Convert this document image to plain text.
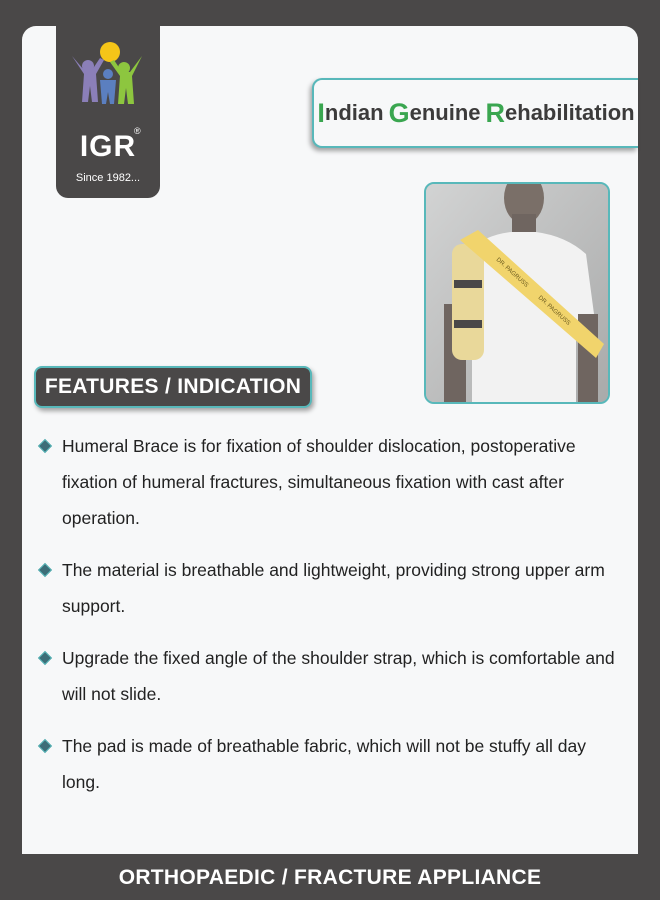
IGR
®
Since 1982...
I ndian G enuine R ehabilitation
DR. PAGRUSS
DR. PAGRUSS
FEATURES / INDICATION
Humeral Brace is for fixation of shoulder dislocation, postoperative fixation of humeral fractures, simultaneous fixation with cast after operation.
The material is breathable and lightweight, providing strong upper arm support.
Upgrade the fixed angle of the shoulder strap, which is comfortable and will not slide.
The pad is made of breathable fabric, which will not be stuffy all day long.
ORTHOPAEDIC / FRACTURE APPLIANCE
